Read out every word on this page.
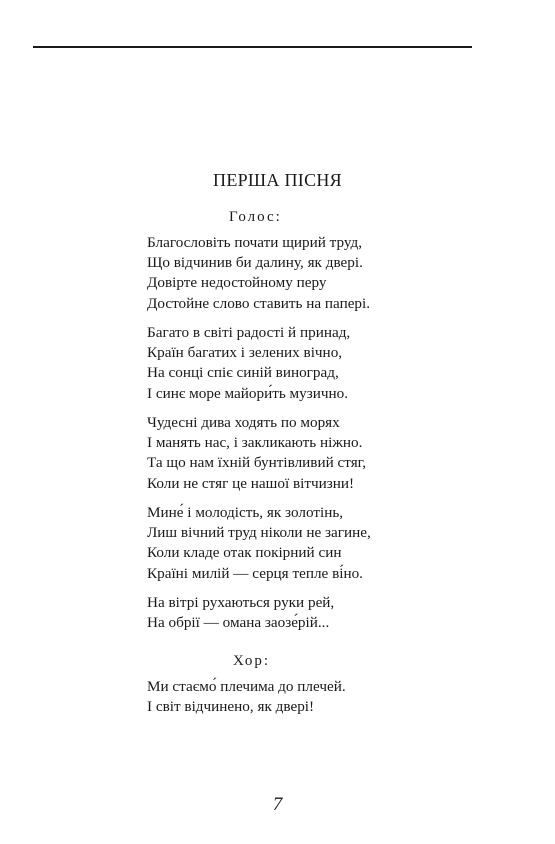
ПЕРША ПІСНЯ
Голос:
Благословіть почати щирий труд,
Що відчинив би далину, як двері.
Довірте недостойному перу
Достойне слово ставить на папері.
Багато в світі радості й принад,
Країн багатих і зелених вічно,
На сонці спіє синій виноград,
І синє море майори́ть музично.
Чудесні дива ходять по морях
І манять нас, і закликають ніжно.
Та що нам їхній бунтівливий стяг,
Коли не стяг це нашої вітчизни!
Мине́ і молодість, як золотінь,
Лиш вічний труд ніколи не загине,
Коли кладе отак покірний син
Країні милій — серця тепле ві́но.
На вітрі рухаються руки рей,
На обрії — омана заозе́рій...
Хор:
Ми стаємо́ плечима до плечей.
І світ відчинено, як двері!
7
